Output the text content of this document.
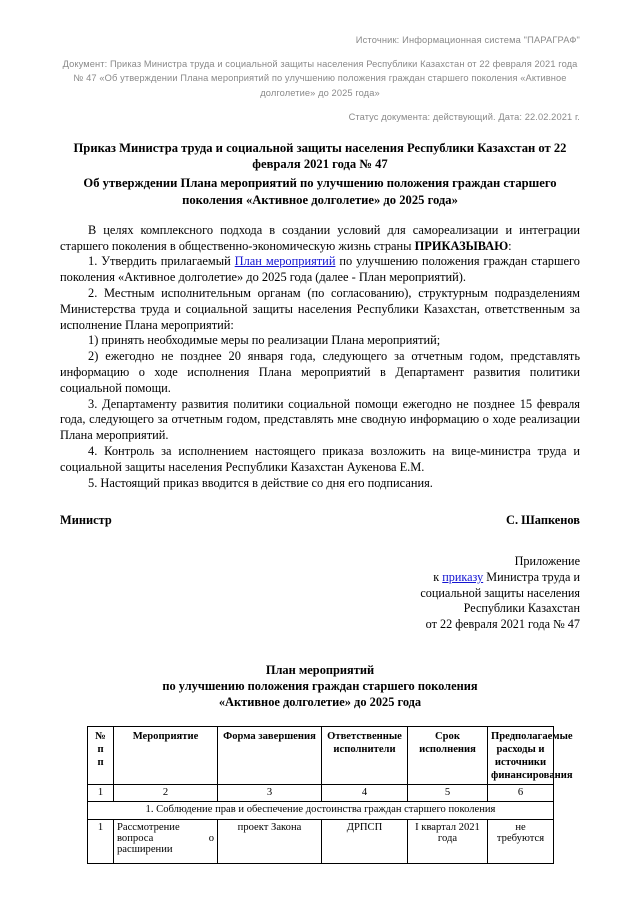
Источник: Информационная система "ПАРАГРАФ"
Документ: Приказ Министра труда и социальной защиты населения Республики Казахстан от 22 февраля 2021 года № 47 «Об утверждении Плана мероприятий по улучшению положения граждан старшего поколения «Активное долголетие» до 2025 года»
Статус документа: действующий. Дата: 22.02.2021 г.
Приказ Министра труда и социальной защиты населения Республики Казахстан от 22 февраля 2021 года № 47
Об утверждении Плана мероприятий по улучшению положения граждан старшего поколения «Активное долголетие» до 2025 года»

В целях комплексного подхода в создании условий для самореализации и интеграции старшего поколения в общественно-экономическую жизнь страны ПРИКАЗЫВАЮ:

1. Утвердить прилагаемый План мероприятий по улучшению положения граждан старшего поколения «Активное долголетие» до 2025 года (далее - План мероприятий).

2. Местным исполнительным органам (по согласованию), структурным подразделениям Министерства труда и социальной защиты населения Республики Казахстан, ответственным за исполнение Плана мероприятий:

1) принять необходимые меры по реализации Плана мероприятий;

2) ежегодно не позднее 20 января года, следующего за отчетным годом, представлять информацию о ходе исполнения Плана мероприятий в Департамент развития политики социальной помощи.

3. Департаменту развития политики социальной помощи ежегодно не позднее 15 февраля года, следующего за отчетным годом, представлять мне сводную информацию о ходе реализации Плана мероприятий.

4. Контроль за исполнением настоящего приказа возложить на вице-министра труда и социальной защиты населения Республики Казахстан Аукенова Е.М.

5. Настоящий приказ вводится в действие со дня его подписания.

Министр	С. Шапкенов
Приложение
к приказу Министра труда и
социальной защиты населения
Республики Казахстан
от 22 февраля 2021 года № 47
План мероприятий
по улучшению положения граждан старшего поколения
«Активное долголетие» до 2025 года
№
п
п	Мероприятие	Форма завершения	Ответственные исполнители	Срок исполнения	Предполагаемые расходы и источники финансирования
1	2	3	4	5	6
1. Соблюдение прав и обеспечение достоинства граждан старшего поколения					
1	Рассмотрение вопроса о расширении	проект Закона	ДРПСП	I квартал 2021 года	не требуются
